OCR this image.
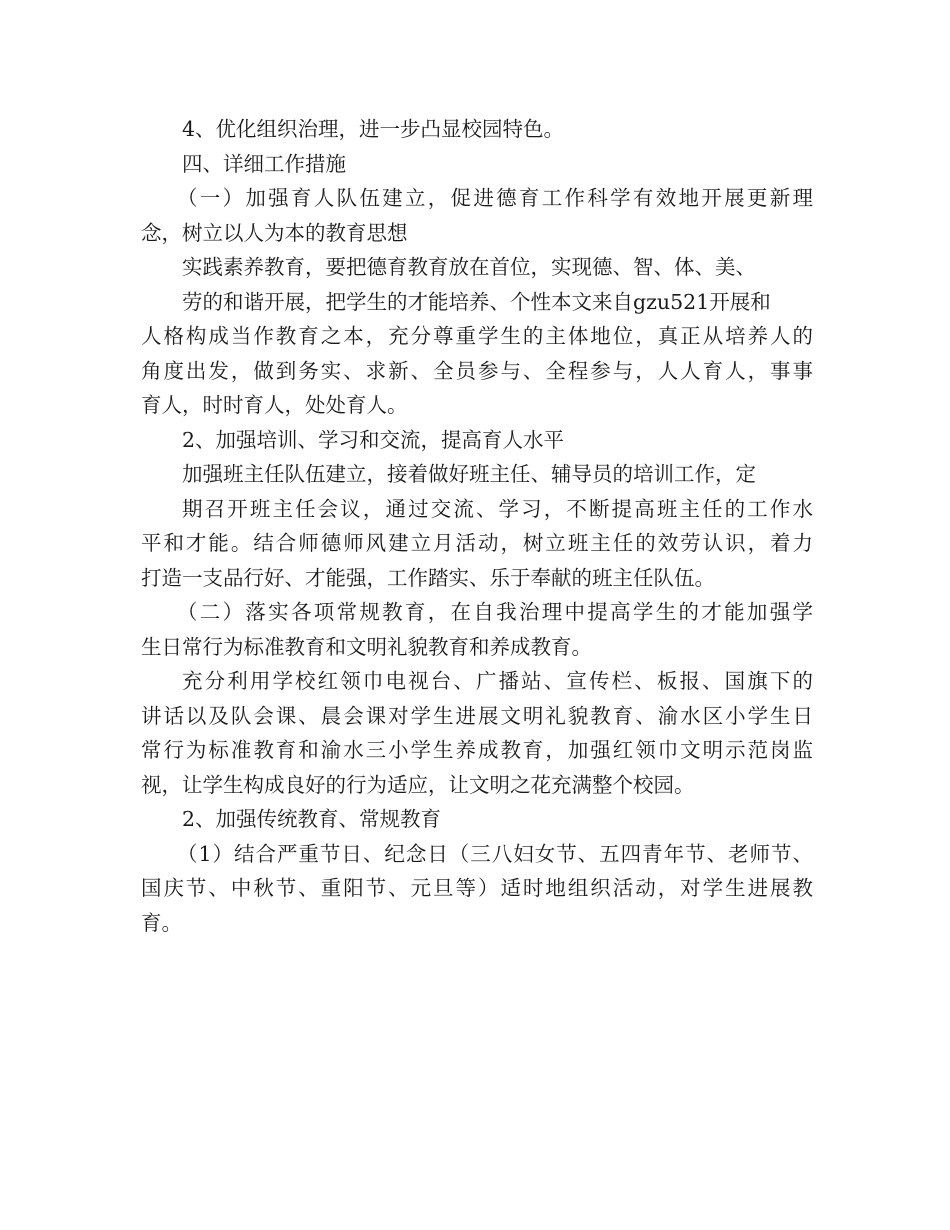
4、优化组织治理，进一步凸显校园特色。
四、详细工作措施
（一）加强育人队伍建立，促进德育工作科学有效地开展更新理
念，树立以人为本的教育思想
实践素养教育，要把德育教育放在首位，实现德、智、体、美、
劳的和谐开展，把学生的才能培养、个性本文来自gzu521开展和
人格构成当作教育之本，充分尊重学生的主体地位，真正从培养人的
角度出发，做到务实、求新、全员参与、全程参与，人人育人，事事
育人，时时育人，处处育人。
2、加强培训、学习和交流，提高育人水平
加强班主任队伍建立，接着做好班主任、辅导员的培训工作，定
期召开班主任会议，通过交流、学习，不断提高班主任的工作水
平和才能。结合师德师风建立月活动，树立班主任的效劳认识，着力
打造一支品行好、才能强，工作踏实、乐于奉献的班主任队伍。
（二）落实各项常规教育，在自我治理中提高学生的才能加强学
生日常行为标准教育和文明礼貌教育和养成教育。
充分利用学校红领巾电视台、广播站、宣传栏、板报、国旗下的
讲话以及队会课、晨会课对学生进展文明礼貌教育、渝水区小学生日
常行为标准教育和渝水三小学生养成教育，加强红领巾文明示范岗监
视，让学生构成良好的行为适应，让文明之花充满整个校园。
2、加强传统教育、常规教育
（1）结合严重节日、纪念日（三八妇女节、五四青年节、老师节、
国庆节、中秋节、重阳节、元旦等）适时地组织活动，对学生进展教
育。
